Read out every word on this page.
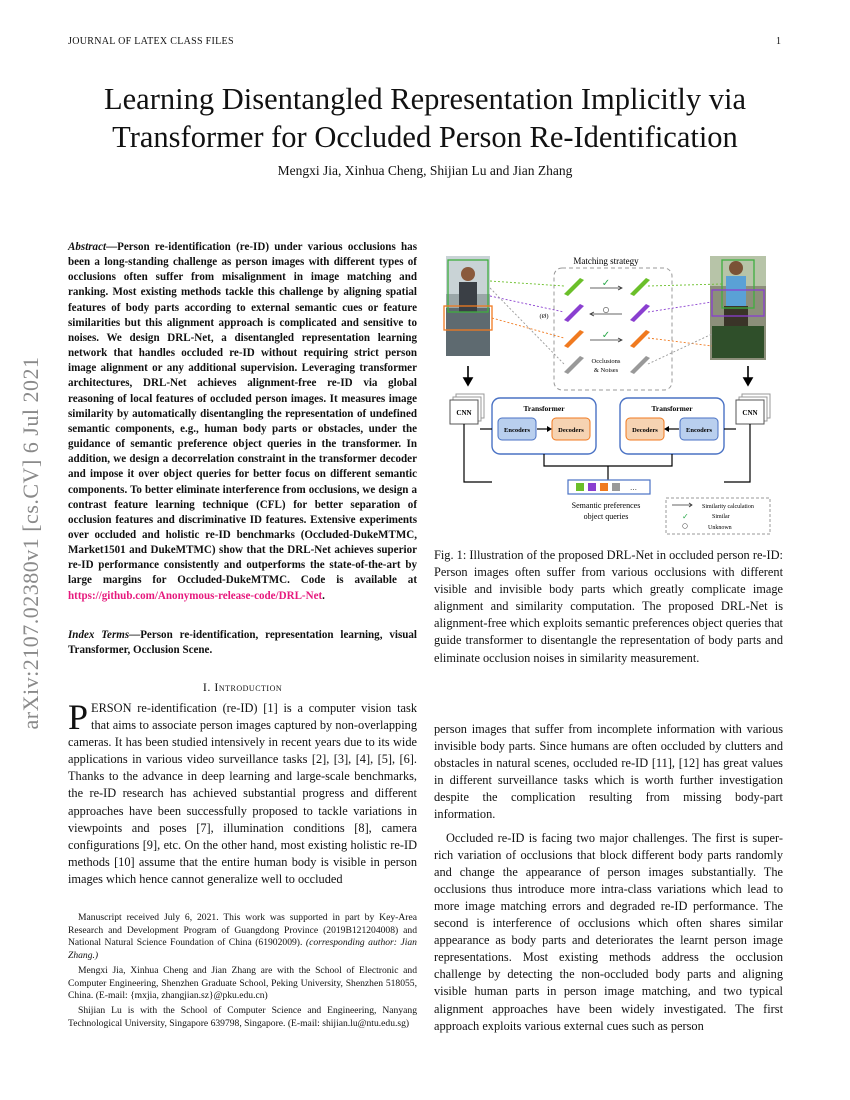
arXiv:2107.02380v1 [cs.CV] 6 Jul 2021
JOURNAL OF LATEX CLASS FILES	1
Learning Disentangled Representation Implicitly via
Transformer for Occluded Person Re-Identification
Mengxi Jia, Xinhua Cheng, Shijian Lu and Jian Zhang
Abstract—Person re-identification (re-ID) under various occlusions has been a long-standing challenge as person images with different types of occlusions often suffer from misalignment in image matching and ranking. Most existing methods tackle this challenge by aligning spatial features of body parts according to external semantic cues or feature similarities but this alignment approach is complicated and sensitive to noises. We design DRL-Net, a disentangled representation learning network that handles occluded re-ID without requiring strict person image alignment or any additional supervision. Leveraging transformer architectures, DRL-Net achieves alignment-free re-ID via global reasoning of local features of occluded person images. It measures image similarity by automatically disentangling the representation of undefined semantic components, e.g., human body parts or obstacles, under the guidance of semantic preference object queries in the transformer. In addition, we design a decorrelation constraint in the transformer decoder and impose it over object queries for better focus on different semantic components. To better eliminate interference from occlusions, we design a contrast feature learning technique (CFL) for better separation of occlusion features and discriminative ID features. Extensive experiments over occluded and holistic re-ID benchmarks (Occluded-DukeMTMC, Market1501 and DukeMTMC) show that the DRL-Net achieves superior re-ID performance consistently and outperforms the state-of-the-art by large margins for Occluded-DukeMTMC. Code is available at https://github.com/Anonymous-release-code/DRL-Net.
Index Terms—Person re-identification, representation learning, visual Transformer, Occlusion Scene.
I. Introduction

PERSON re-identification (re-ID) [1] is a computer vision task that aims to associate person images captured by non-overlapping cameras. It has been studied intensively in recent years due to its wide applications in various video surveillance tasks [2], [3], [4], [5], [6]. Thanks to the advance in deep learning and large-scale benchmarks, the re-ID research has achieved substantial progress and different approaches have been successfully proposed to tackle variations in viewpoints and poses [7], illumination conditions [8], camera configurations [9], etc. On the other hand, most existing holistic re-ID methods [10] assume that the entire human body is visible in person images which hence cannot generalize well to occluded

Manuscript received July 6, 2021. This work was supported in part by Key-Area Research and Development Program of Guangdong Province (2019B121204008) and National Natural Science Foundation of China (61902009). (corresponding author: Jian Zhang.)

Mengxi Jia, Xinhua Cheng and Jian Zhang are with the School of Electronic and Computer Engineering, Shenzhen Graduate School, Peking University, Shenzhen 518055, China. (E-mail: {mxjia, zhangjian.sz}@pku.edu.cn)

Shijian Lu is with the School of Computer Science and Engineering, Nanyang Technological University, Singapore 639798, Singapore. (E-mail: shijian.lu@ntu.edu.sg)

Matching strategy
(Ø)
✓
✓
Occlusions
& Noises
CNN	CNN
Transformer
Encoders	Decoders
Transformer
Decoders	Encoders
…
Semantic preferences
object queries
Similarity calculation
✓	Similar
Unknown
Fig. 1: Illustration of the proposed DRL-Net in occluded person re-ID: Person images often suffer from various occlusions with different visible and invisible body parts which greatly complicate image alignment and similarity computation. The proposed DRL-Net is alignment-free which exploits semantic preferences object queries that guide transformer to disentangle the representation of body parts and eliminate occlusion noises in similarity measurement.

person images that suffer from incomplete information with various invisible body parts. Since humans are often occluded by clutters and obstacles in natural scenes, occluded re-ID [11], [12] has great values in different surveillance tasks which is worth further investigation despite the complication resulting from missing body-part information.

Occluded re-ID is facing two major challenges. The first is super-rich variation of occlusions that block different body parts randomly and change the appearance of person images substantially. The occlusions thus introduce more intra-class variations which lead to more image matching errors and degraded re-ID performance. The second is interference of occlusions which often shares similar appearance as body parts and deteriorates the learnt person image representations. Most existing methods address the occlusion challenge by detecting the non-occluded body parts and aligning visible human parts in person image matching, and two typical alignment approaches have been widely investigated. The first approach exploits various external cues such as person
